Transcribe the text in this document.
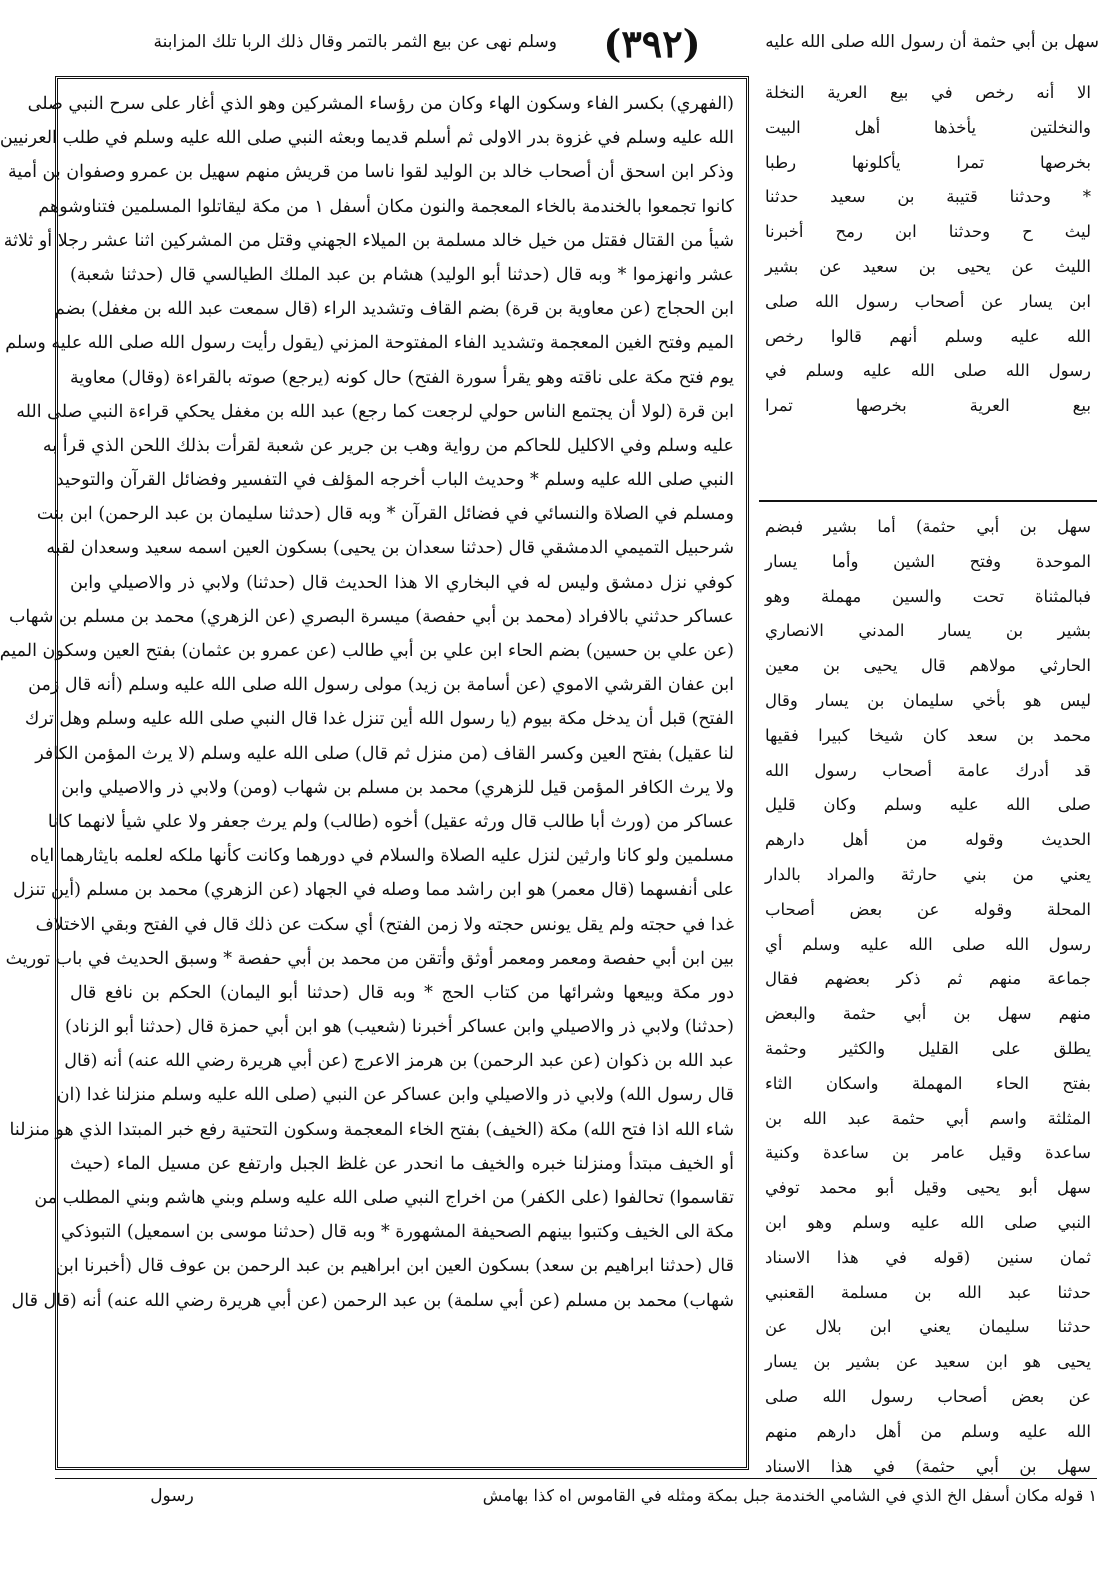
سهل بن أبي حثمة أن رسول الله صلى الله عليه
(٣٩٢)
وسلم نهى عن بيع الثمر بالتمر وقال ذلك الربا تلك المزابنة
(الفهري) بكسر الفاء وسكون الهاء وكان من رؤساء المشركين وهو الذي أغار على سرح النبي صلى
الله عليه وسلم في غزوة بدر الاولى ثم أسلم قديما وبعثه النبي صلى الله عليه وسلم في طلب العرنيين
وذكر ابن اسحق أن أصحاب خالد بن الوليد لقوا ناسا من قريش منهم سهيل بن عمرو وصفوان بن أمية
كانوا تجمعوا بالخندمة بالخاء المعجمة والنون مكان أسفل ١ من مكة ليقاتلوا المسلمين فتناوشوهم
شيأ من القتال فقتل من خيل خالد مسلمة بن الميلاء الجهني وقتل من المشركين اثنا عشر رجلا أو ثلاثة
عشر وانهزموا * وبه قال (حدثنا أبو الوليد) هشام بن عبد الملك الطيالسي قال (حدثنا شعبة)
ابن الحجاج (عن معاوية بن قرة) بضم القاف وتشديد الراء (قال سمعت عبد الله بن مغفل) بضم
الميم وفتح الغين المعجمة وتشديد الفاء المفتوحة المزني (يقول رأيت رسول الله صلى الله عليه وسلم
يوم فتح مكة على ناقته وهو يقرأ سورة الفتح) حال كونه (يرجع) صوته بالقراءة (وقال) معاوية
ابن قرة (لولا أن يجتمع الناس حولي لرجعت كما رجع) عبد الله بن مغفل يحكي قراءة النبي صلى الله
عليه وسلم وفي الاكليل للحاكم من رواية وهب بن جرير عن شعبة لقرأت بذلك اللحن الذي قرأ به
النبي صلى الله عليه وسلم * وحديث الباب أخرجه المؤلف في التفسير وفضائل القرآن والتوحيد
ومسلم في الصلاة والنسائي في فضائل القرآن * وبه قال (حدثنا سليمان بن عبد الرحمن) ابن بنت
شرحبيل التميمي الدمشقي قال (حدثنا سعدان بن يحيى) بسكون العين اسمه سعيد وسعدان لقبه
كوفي نزل دمشق وليس له في البخاري الا هذا الحديث قال (حدثنا) ولابي ذر والاصيلي وابن
عساكر حدثني بالافراد (محمد بن أبي حفصة) ميسرة البصري (عن الزهري) محمد بن مسلم بن شهاب
(عن علي بن حسين) بضم الحاء ابن علي بن أبي طالب (عن عمرو بن عثمان) بفتح العين وسكون الميم
ابن عفان القرشي الاموي (عن أسامة بن زيد) مولى رسول الله صلى الله عليه وسلم (أنه قال زمن
الفتح) قبل أن يدخل مكة بيوم (يا رسول الله أين تنزل غدا قال النبي صلى الله عليه وسلم وهل ترك
لنا عقيل) بفتح العين وكسر القاف (من منزل ثم قال) صلى الله عليه وسلم (لا يرث المؤمن الكافر
ولا يرث الكافر المؤمن قيل للزهري) محمد بن مسلم بن شهاب (ومن) ولابي ذر والاصيلي وابن
عساكر من (ورث أبا طالب قال ورثه عقيل) أخوه (طالب) ولم يرث جعفر ولا علي شيأ لانهما كانا
مسلمين ولو كانا وارثين لنزل عليه الصلاة والسلام في دورهما وكانت كأنها ملكه لعلمه بايثارهما اياه
على أنفسهما (قال معمر) هو ابن راشد مما وصله في الجهاد (عن الزهري) محمد بن مسلم (أين تنزل
غدا في حجته ولم يقل يونس حجته ولا زمن الفتح) أي سكت عن ذلك قال في الفتح وبقي الاختلاف
بين ابن أبي حفصة ومعمر ومعمر أوثق وأتقن من محمد بن أبي حفصة * وسبق الحديث في باب توريث
دور مكة وبيعها وشرائها من كتاب الحج * وبه قال (حدثنا أبو اليمان) الحكم بن نافع قال
(حدثنا) ولابي ذر والاصيلي وابن عساكر أخبرنا (شعيب) هو ابن أبي حمزة قال (حدثنا أبو الزناد)
عبد الله بن ذكوان (عن عبد الرحمن) بن هرمز الاعرج (عن أبي هريرة رضي الله عنه) أنه (قال
قال رسول الله) ولابي ذر والاصيلي وابن عساكر عن النبي (صلى الله عليه وسلم منزلنا غدا (ان
شاء الله اذا فتح الله) مكة (الخيف) بفتح الخاء المعجمة وسكون التحتية رفع خبر المبتدا الذي هو منزلنا
أو الخيف مبتدأ ومنزلنا خبره والخيف ما انحدر عن غلظ الجبل وارتفع عن مسيل الماء (حيث
تقاسموا) تحالفوا (على الكفر) من اخراج النبي صلى الله عليه وسلم وبني هاشم وبني المطلب من
مكة الى الخيف وكتبوا بينهم الصحيفة المشهورة * وبه قال (حدثنا موسى بن اسمعيل) التبوذكي
قال (حدثنا ابراهيم بن سعد) بسكون العين ابن ابراهيم بن عبد الرحمن بن عوف قال (أخبرنا ابن
شهاب) محمد بن مسلم (عن أبي سلمة) بن عبد الرحمن (عن أبي هريرة رضي الله عنه) أنه (قال قال
الا أنه رخص في بيع العرية النخلة
والنخلتين يأخذها أهل البيت
بخرصها تمرا يأكلونها رطبا
* وحدثنا قتيبة بن سعيد حدثنا
ليث ح وحدثنا ابن رمح أخبرنا
الليث عن يحيى بن سعيد عن بشير
ابن يسار عن أصحاب رسول الله صلى
الله عليه وسلم أنهم قالوا رخص
رسول الله صلى الله عليه وسلم في
بيع العرية بخرصها تمرا
سهل بن أبي حثمة) أما بشير فبضم
الموحدة وفتح الشين وأما يسار
فبالمثناة تحت والسين مهملة وهو
بشير بن يسار المدني الانصاري
الحارثي مولاهم قال يحيى بن معين
ليس هو بأخي سليمان بن يسار وقال
محمد بن سعد كان شيخا كبيرا فقيها
قد أدرك عامة أصحاب رسول الله
صلى الله عليه وسلم وكان قليل
الحديث وقوله من أهل دارهم
يعني من بني حارثة والمراد بالدار
المحلة وقوله عن بعض أصحاب
رسول الله صلى الله عليه وسلم أي
جماعة منهم ثم ذكر بعضهم فقال
منهم سهل بن أبي حثمة والبعض
يطلق على القليل والكثير وحثمة
بفتح الحاء المهملة واسكان الثاء
المثلثة واسم أبي حثمة عبد الله بن
ساعدة وقيل عامر بن ساعدة وكنية
سهل أبو يحيى وقيل أبو محمد توفي
النبي صلى الله عليه وسلم وهو ابن
ثمان سنين (قوله في هذا الاسناد
حدثنا عبد الله بن مسلمة القعنبي
حدثنا سليمان يعني ابن بلال عن
يحيى هو ابن سعيد عن بشير بن يسار
عن بعض أصحاب رسول الله صلى
الله عليه وسلم من أهل دارهم منهم
سهل بن أبي حثمة) في هذا الاسناد
١ قوله مكان أسفل الخ الذي في الشامي الخندمة جبل بمكة ومثله في القاموس اه كذا بهامش
رسول
